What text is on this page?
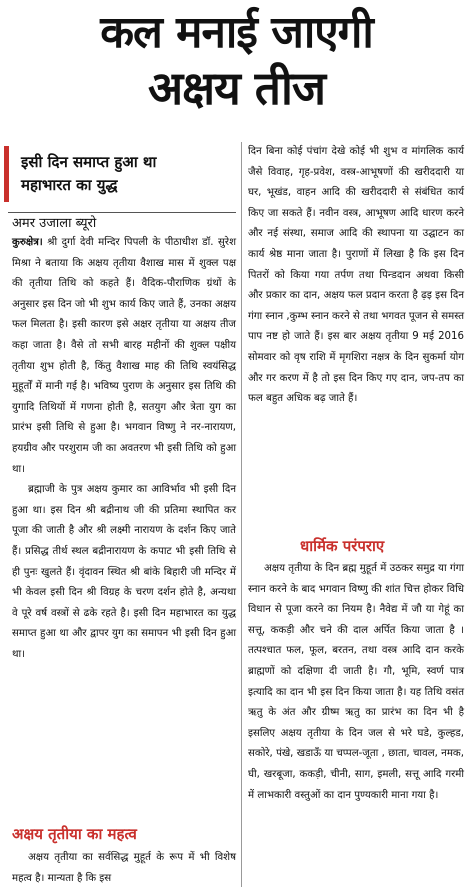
कल मनाई जाएगी
अक्षय तीज
इसी दिन समाप्त हुआ था
महाभारत का युद्ध
अमर उजाला ब्यूरो

कुरुक्षेत्र। श्री दुर्गा देवी मन्दिर पिपली के पीठाधीश डॉ. सुरेश मिश्रा ने बताया कि अक्षय तृतीया वैशाख मास में शुक्ल पक्ष की तृतीया तिथि को कहते हैं। वैदिक-पौराणिक ग्रंथों के अनुसार इस दिन जो भी शुभ कार्य किए जाते हैं, उनका अक्षय फल मिलता है। इसी कारण इसे अक्षर तृतीया या अक्षय तीज कहा जाता है। वैसे तो सभी बारह महीनों की शुक्ल पक्षीय तृतीया शुभ होती है, किंतु वैशाख माह की तिथि स्वयंसिद्ध मुहूर्तों में मानी गई है। भविष्य पुराण के अनुसार इस तिथि की युगादि तिथियों में गणना होती है, सतयुग और त्रेता युग का प्रारंभ इसी तिथि से हुआ है। भगवान विष्णु ने नर-नारायण, हयग्रीव और परशुराम जी का अवतरण भी इसी तिथि को हुआ था।

ब्रह्माजी के पुत्र अक्षय कुमार का आविर्भाव भी इसी दिन हुआ था। इस दिन श्री बद्रीनाथ जी की प्रतिमा स्थापित कर पूजा की जाती है और श्री लक्ष्मी नारायण के दर्शन किए जाते हैं। प्रसिद्ध तीर्थ स्थल बद्रीनारायण के कपाट भी इसी तिथि से ही पुनः खुलते हैं। वृंदावन स्थित श्री बांके बिहारी जी मन्दिर में भी केवल इसी दिन श्री विग्रह के चरण दर्शन होते है, अन्यथा वे पूरे वर्ष वस्त्रों से ढके रहते है। इसी दिन महाभारत का युद्ध समाप्त हुआ था और द्वापर युग का समापन भी इसी दिन हुआ था।

अक्षय तृतीया का महत्व

अक्षय तृतीया का सर्वसिद्ध मुहूर्त के रूप में भी विशेष महत्व है। मान्यता है कि इस

दिन बिना कोई पंचांग देखे कोई भी शुभ व मांगलिक कार्य जैसे विवाह, गृह-प्रवेश, वस्त्र-आभूषणों की खरीददारी या घर, भूखंड, वाहन आदि की खरीददारी से संबंधित कार्य किए जा सकते हैं। नवीन वस्त्र, आभूषण आदि धारण करने और नई संस्था, समाज आदि की स्थापना या उद्घाटन का कार्य श्रेष्ठ माना जाता है। पुराणों में लिखा है कि इस दिन पितरों को किया गया तर्पण तथा पिन्डदान अथवा किसी और प्रकार का दान, अक्षय फल प्रदान करता है ढ़इ इस दिन गंगा स्नान ,कुम्भ स्नान करने से तथा भगवत पूजन से समस्त पाप नष्ट हो जाते हैं। इस बार अक्षय तृतीया 9 मई 2016 सोमवार को वृष राशि में मृगशिरा नक्षत्र के दिन सुकर्मा योग और गर करण में है तो इस दिन किए गए दान, जप-तप का फल बहुत अधिक बढ़ जाते हैं।

धार्मिक परंपराए

अक्षय तृतीया के दिन ब्रह्म मुहूर्त में उठकर समुद्र या गंगा स्नान करने के बाद भगवान विष्णु की शांत चित्त होकर विधि विधान से पूजा करने का नियम है। नैवेद्य में जौ या गेहूं का सत्तू, ककड़ी और चने की दाल अर्पित किया जाता है । तत्पश्चात फल, फूल, बरतन, तथा वस्त्र आदि दान करके ब्राह्मणों को दक्षिणा दी जाती है। गौ, भूमि, स्वर्ण पात्र इत्यादि का दान भी इस दिन किया जाता है। यह तिथि वसंत ऋतु के अंत और ग्रीष्म ऋतु का प्रारंभ का दिन भी है इसलिए अक्षय तृतीया के दिन जल से भरे घडे, कुल्हड, सकोरे, पंखे, खडाऊँ या चप्पल-जूता , छाता, चावल, नमक, घी, खरबूजा, ककड़ी, चीनी, साग, इमली, सत्तू आदि गरमी में लाभकारी वस्तुओं का दान पुण्यकारी माना गया है।
